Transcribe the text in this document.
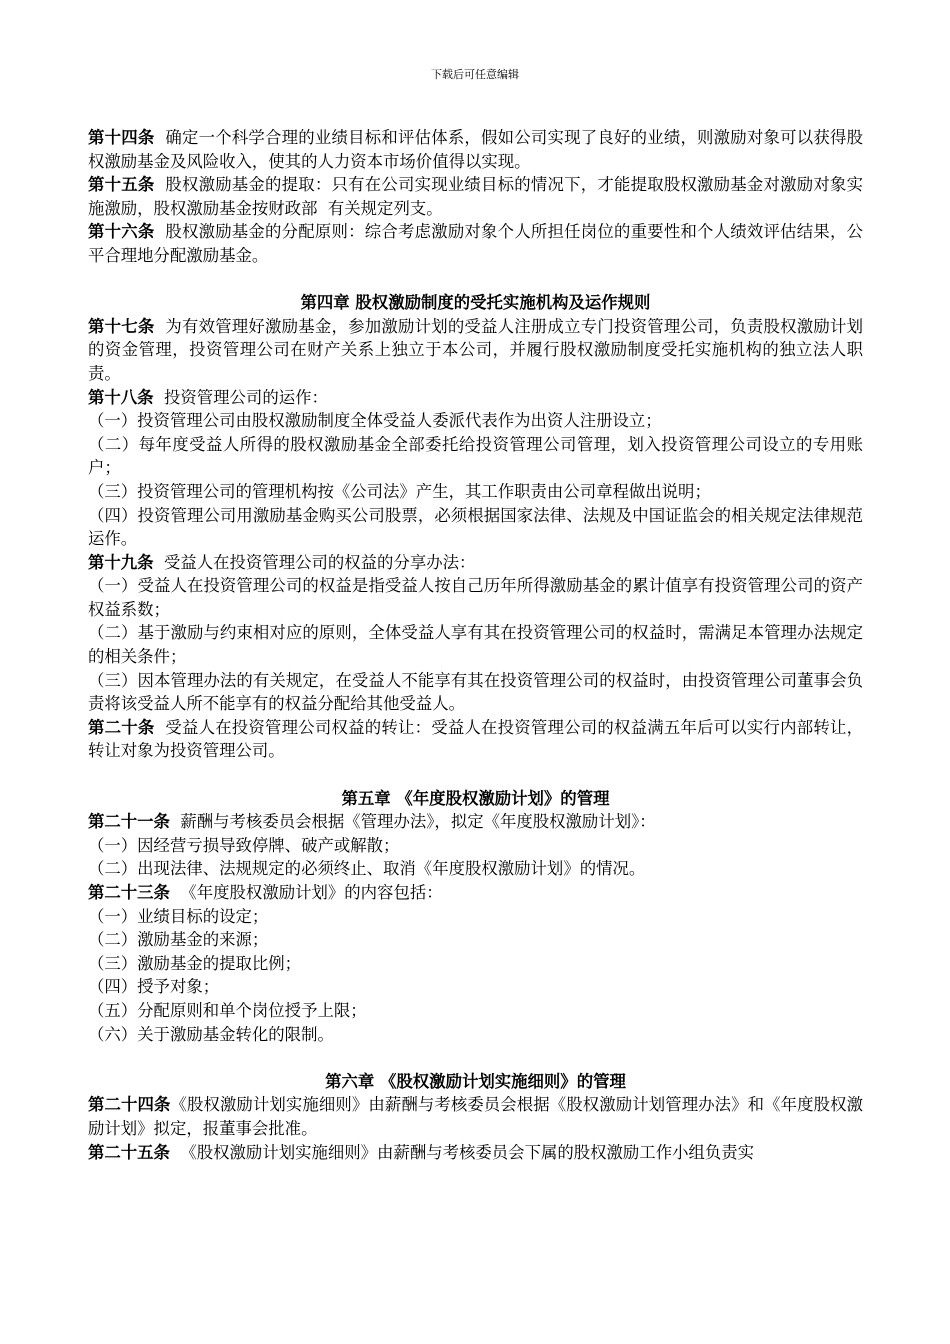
下载后可任意编辑

第十四条  确定一个科学合理的业绩目标和评估体系，假如公司实现了良好的业绩，则激励对象可以获得股权激励基金及风险收入，使其的人力资本市场价值得以实现。

第十五条  股权激励基金的提取：只有在公司实现业绩目标的情况下，才能提取股权激励基金对激励对象实施激励，股权激励基金按财政部  有关规定列支。

第十六条  股权激励基金的分配原则：综合考虑激励对象个人所担任岗位的重要性和个人绩效评估结果，公平合理地分配激励基金。

第四章 股权激励制度的受托实施机构及运作规则

第十七条  为有效管理好激励基金，参加激励计划的受益人注册成立专门投资管理公司，负责股权激励计划的资金管理，投资管理公司在财产关系上独立于本公司，并履行股权激励制度受托实施机构的独立法人职责。

第十八条  投资管理公司的运作：

（一）投资管理公司由股权激励制度全体受益人委派代表作为出资人注册设立；

（二）每年度受益人所得的股权激励基金全部委托给投资管理公司管理，划入投资管理公司设立的专用账户；

（三）投资管理公司的管理机构按《公司法》产生，其工作职责由公司章程做出说明；

（四）投资管理公司用激励基金购买公司股票，必须根据国家法律、法规及中国证监会的相关规定法律规范运作。

第十九条  受益人在投资管理公司的权益的分享办法：

（一）受益人在投资管理公司的权益是指受益人按自己历年所得激励基金的累计值享有投资管理公司的资产权益系数；

（二）基于激励与约束相对应的原则，全体受益人享有其在投资管理公司的权益时，需满足本管理办法规定的相关条件；

（三）因本管理办法的有关规定，在受益人不能享有其在投资管理公司的权益时，由投资管理公司董事会负责将该受益人所不能享有的权益分配给其他受益人。

第二十条  受益人在投资管理公司权益的转让：受益人在投资管理公司的权益满五年后可以实行内部转让，转让对象为投资管理公司。

第五章 《年度股权激励计划》的管理

第二十一条  薪酬与考核委员会根据《管理办法》，拟定《年度股权激励计划》：

（一）因经营亏损导致停牌、破产或解散；

（二）出现法律、法规规定的必须终止、取消《年度股权激励计划》的情况。

第二十三条  《年度股权激励计划》的内容包括：

（一）业绩目标的设定；

（二）激励基金的来源；

（三）激励基金的提取比例；

（四）授予对象；

（五）分配原则和单个岗位授予上限；

（六）关于激励基金转化的限制。

第六章 《股权激励计划实施细则》的管理

第二十四条《股权激励计划实施细则》由薪酬与考核委员会根据《股权激励计划管理办法》和《年度股权激励计划》拟定，报董事会批准。

第二十五条  《股权激励计划实施细则》由薪酬与考核委员会下属的股权激励工作小组负责实
